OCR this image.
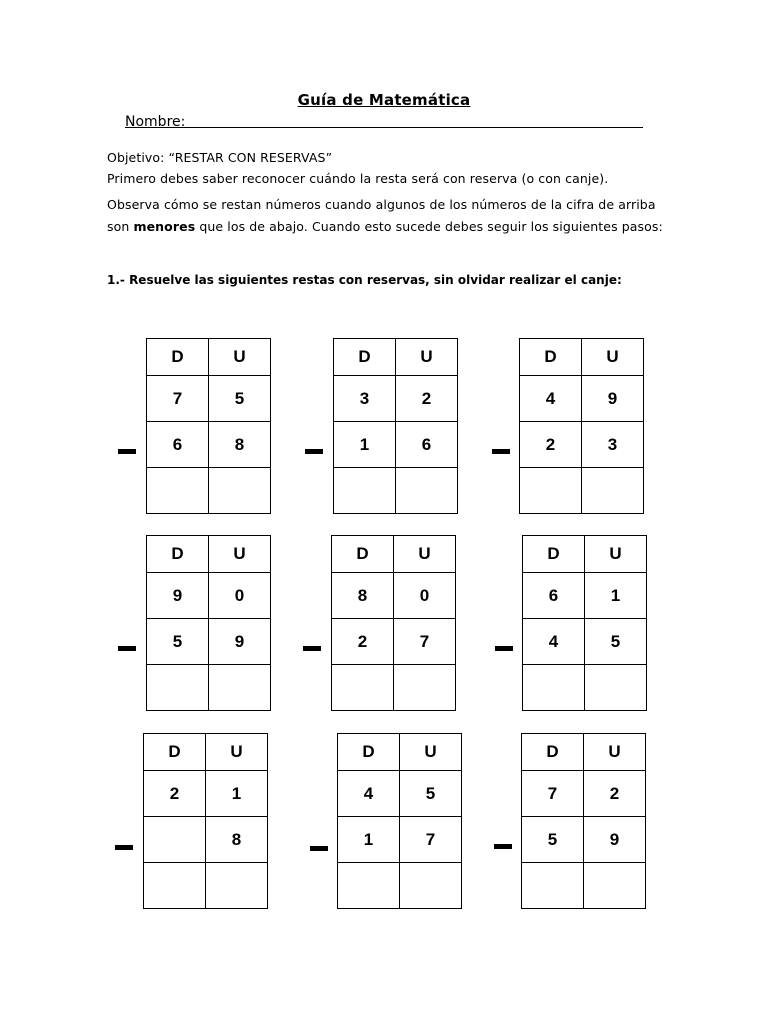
Guía de Matemática
Nombre:
Objetivo: “RESTAR CON RESERVAS”
Primero debes saber reconocer cuándo la resta será con reserva (o con canje).
Observa cómo se restan números cuando algunos de los números de la cifra de arriba
son menores que los de abajo. Cuando esto sucede debes seguir los siguientes pasos:
1.- Resuelve las siguientes restas con reservas, sin olvidar realizar el canje:
D	U
7	5
6	8

D	U
3	2
1	6

D	U
4	9
2	3

D	U
9	0
5	9

D	U
8	0
2	7

D	U
6	1
4	5

D	U
2	1
	8

D	U
4	5
1	7

D	U
7	2
5	9
